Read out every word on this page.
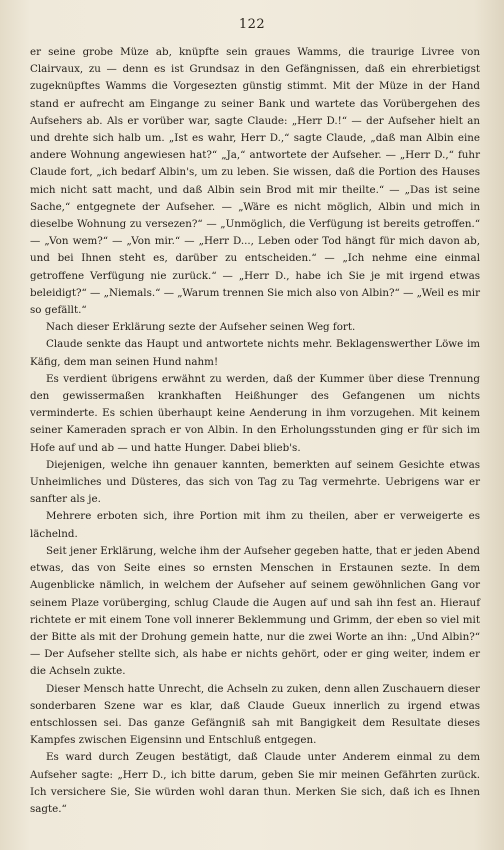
122

er seine grobe Müze ab, knüpfte sein graues Wamms, die traurige Livree von Clairvaux, zu — denn es ist Grundsaz in den Gefängnissen, daß ein ehrerbietigst zugeknüpftes Wamms die Vorgesezten günstig stimmt. Mit der Müze in der Hand stand er aufrecht am Eingange zu seiner Bank und wartete das Vorübergehen des Aufsehers ab. Als er vorüber war, sagte Claude: „Herr D.!“ — der Aufseher hielt an und drehte sich halb um. „Ist es wahr, Herr D.,“ sagte Claude, „daß man Albin eine andere Wohnung angewiesen hat?“ „Ja,“ antwortete der Aufseher. — „Herr D.,“ fuhr Claude fort, „ich bedarf Albin's, um zu leben. Sie wissen, daß die Portion des Hauses mich nicht satt macht, und daß Albin sein Brod mit mir theilte.“ — „Das ist seine Sache,“ entgegnete der Aufseher. — „Wäre es nicht möglich, Albin und mich in dieselbe Wohnung zu versezen?“ — „Unmöglich, die Verfügung ist bereits getroffen.“ — „Von wem?“ — „Von mir.“ — „Herr D..., Leben oder Tod hängt für mich davon ab, und bei Ihnen steht es, darüber zu entscheiden.“ — „Ich nehme eine einmal getroffene Verfügung nie zurück.“ — „Herr D., habe ich Sie je mit irgend etwas beleidigt?“ — „Niemals.“ — „Warum trennen Sie mich also von Albin?“ — „Weil es mir so gefällt.“

Nach dieser Erklärung sezte der Aufseher seinen Weg fort.

Claude senkte das Haupt und antwortete nichts mehr. Beklagenswerther Löwe im Käfig, dem man seinen Hund nahm!

Es verdient übrigens erwähnt zu werden, daß der Kummer über diese Trennung den gewissermaßen krankhaften Heißhunger des Gefangenen um nichts verminderte. Es schien überhaupt keine Aenderung in ihm vorzugehen. Mit keinem seiner Kameraden sprach er von Albin. In den Erholungsstunden ging er für sich im Hofe auf und ab — und hatte Hunger. Dabei blieb's.

Diejenigen, welche ihn genauer kannten, bemerkten auf seinem Gesichte etwas Unheimliches und Düsteres, das sich von Tag zu Tag vermehrte. Uebrigens war er sanfter als je.

Mehrere erboten sich, ihre Portion mit ihm zu theilen, aber er verweigerte es lächelnd.

Seit jener Erklärung, welche ihm der Aufseher gegeben hatte, that er jeden Abend etwas, das von Seite eines so ernsten Menschen in Erstaunen sezte. In dem Augenblicke nämlich, in welchem der Aufseher auf seinem gewöhnlichen Gang vor seinem Plaze vorüberging, schlug Claude die Augen auf und sah ihn fest an. Hierauf richtete er mit einem Tone voll innerer Beklemmung und Grimm, der eben so viel mit der Bitte als mit der Drohung gemein hatte, nur die zwei Worte an ihn: „Und Albin?“ — Der Aufseher stellte sich, als habe er nichts gehört, oder er ging weiter, indem er die Achseln zukte.

Dieser Mensch hatte Unrecht, die Achseln zu zuken, denn allen Zuschauern dieser sonderbaren Szene war es klar, daß Claude Gueux innerlich zu irgend etwas entschlossen sei. Das ganze Gefängniß sah mit Bangigkeit dem Resultate dieses Kampfes zwischen Eigensinn und Entschluß entgegen.

Es ward durch Zeugen bestätigt, daß Claude unter Anderem einmal zu dem Aufseher sagte: „Herr D., ich bitte darum, geben Sie mir meinen Gefährten zurück. Ich versichere Sie, Sie würden wohl daran thun. Merken Sie sich, daß ich es Ihnen sagte.“
